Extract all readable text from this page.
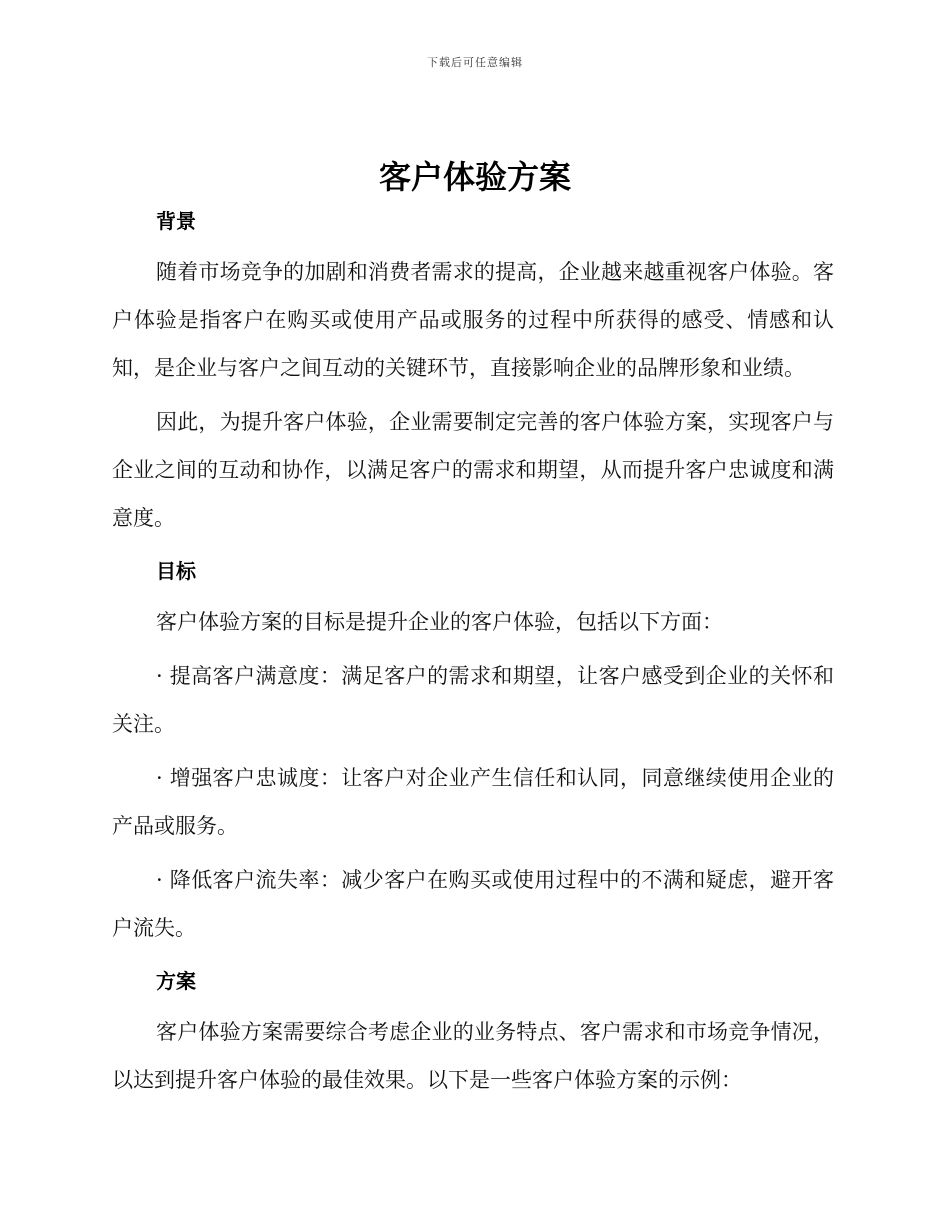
下载后可任意编辑
客户体验方案
背景

随着市场竞争的加剧和消费者需求的提高，企业越来越重视客户体验。客户体验是指客户在购买或使用产品或服务的过程中所获得的感受、情感和认知，是企业与客户之间互动的关键环节，直接影响企业的品牌形象和业绩。

因此，为提升客户体验，企业需要制定完善的客户体验方案，实现客户与企业之间的互动和协作，以满足客户的需求和期望，从而提升客户忠诚度和满意度。

目标

客户体验方案的目标是提升企业的客户体验，包括以下方面：

· 提高客户满意度：满足客户的需求和期望，让客户感受到企业的关怀和关注。

· 增强客户忠诚度：让客户对企业产生信任和认同，同意继续使用企业的产品或服务。

· 降低客户流失率：减少客户在购买或使用过程中的不满和疑虑，避开客户流失。

方案

客户体验方案需要综合考虑企业的业务特点、客户需求和市场竞争情况，以达到提升客户体验的最佳效果。以下是一些客户体验方案的示例：
